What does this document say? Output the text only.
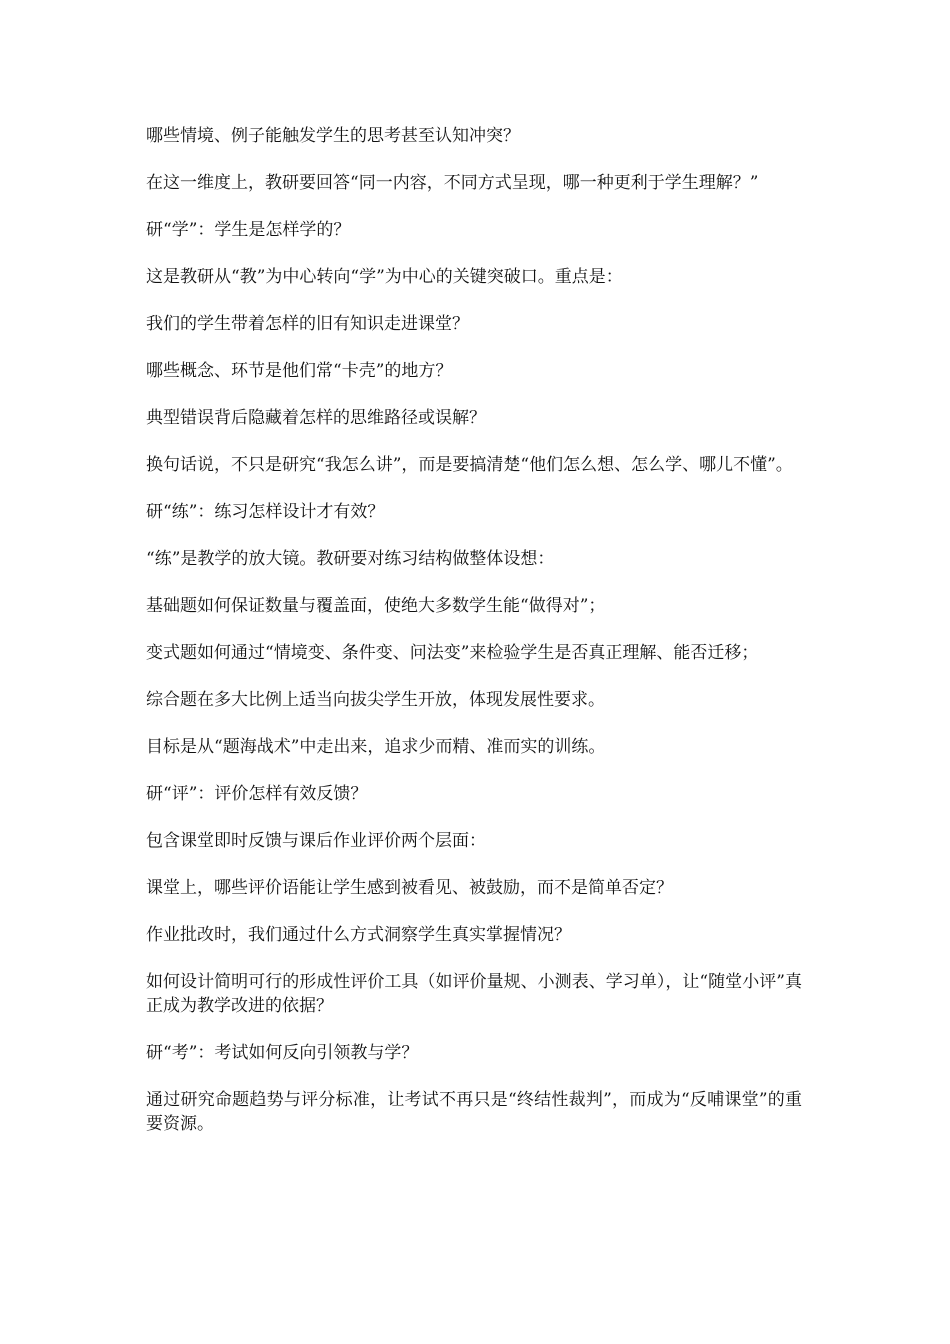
哪些情境、例子能触发学生的思考甚至认知冲突？

在这一维度上，教研要回答“同一内容，不同方式呈现，哪一种更利于学生理解？”

研“学”：学生是怎样学的？

这是教研从“教”为中心转向“学”为中心的关键突破口。重点是：

我们的学生带着怎样的旧有知识走进课堂？

哪些概念、环节是他们常“卡壳”的地方？

典型错误背后隐藏着怎样的思维路径或误解？

换句话说，不只是研究“我怎么讲”，而是要搞清楚“他们怎么想、怎么学、哪儿不懂”。

研“练”：练习怎样设计才有效？

“练”是教学的放大镜。教研要对练习结构做整体设想：

基础题如何保证数量与覆盖面，使绝大多数学生能“做得对”；

变式题如何通过“情境变、条件变、问法变”来检验学生是否真正理解、能否迁移；

综合题在多大比例上适当向拔尖学生开放，体现发展性要求。

目标是从“题海战术”中走出来，追求少而精、准而实的训练。

研“评”：评价怎样有效反馈？

包含课堂即时反馈与课后作业评价两个层面：

课堂上，哪些评价语能让学生感到被看见、被鼓励，而不是简单否定？

作业批改时，我们通过什么方式洞察学生真实掌握情况？

如何设计简明可行的形成性评价工具（如评价量规、小测表、学习单），让“随堂小评”真正成为教学改进的依据？

研“考”：考试如何反向引领教与学？

通过研究命题趋势与评分标准，让考试不再只是“终结性裁判”，而成为“反哺课堂”的重要资源。
